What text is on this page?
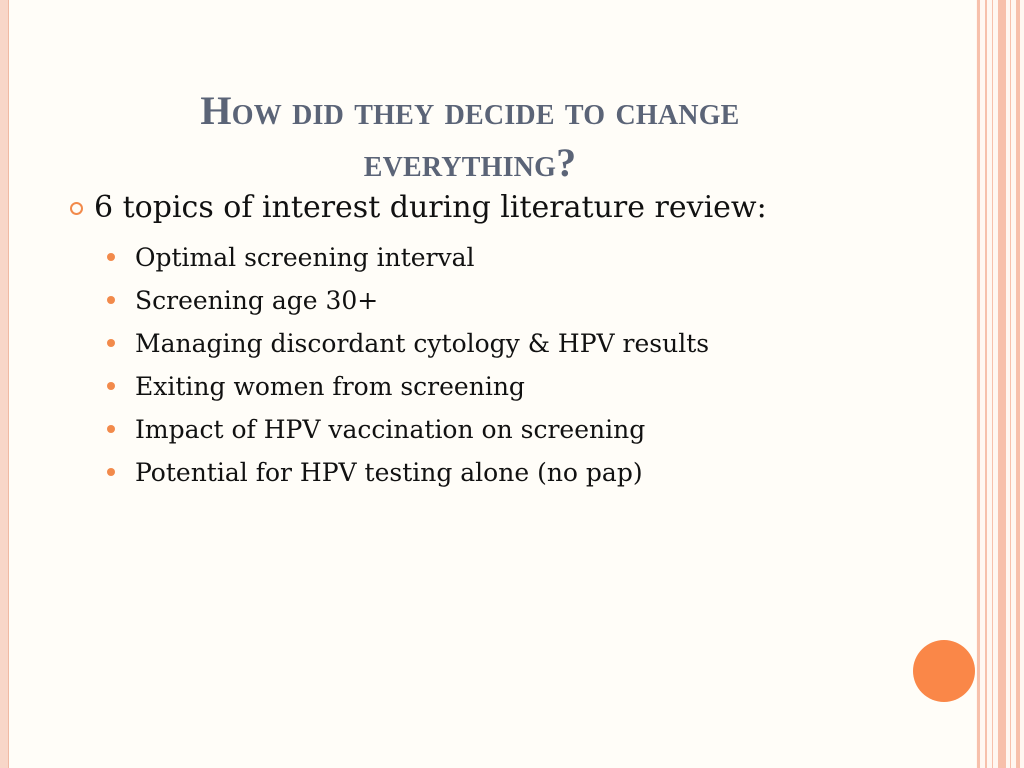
How did they decide to change
everything?
6 topics of interest during literature review:
Optimal screening interval
Screening age 30+
Managing discordant cytology & HPV results
Exiting women from screening
Impact of HPV vaccination on screening
Potential for HPV testing alone (no pap)
